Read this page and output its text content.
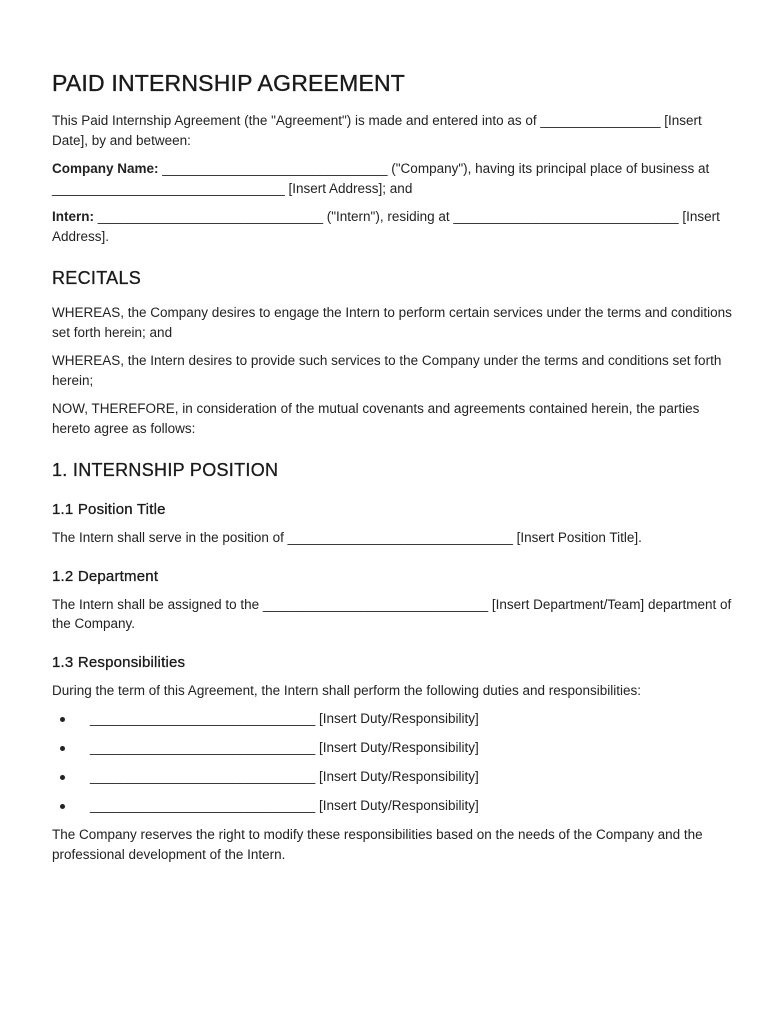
PAID INTERNSHIP AGREEMENT

This Paid Internship Agreement (the "Agreement") is made and entered into as of ________________ [Insert Date], by and between:

Company Name: ______________________________ ("Company"), having its principal place of business at _______________________________ [Insert Address]; and

Intern: ______________________________ ("Intern"), residing at ______________________________ [Insert Address].

RECITALS

WHEREAS, the Company desires to engage the Intern to perform certain services under the terms and conditions set forth herein; and

WHEREAS, the Intern desires to provide such services to the Company under the terms and conditions set forth herein;

NOW, THEREFORE, in consideration of the mutual covenants and agreements contained herein, the parties hereto agree as follows:

1. INTERNSHIP POSITION
1.1 Position Title

The Intern shall serve in the position of ______________________________ [Insert Position Title].

1.2 Department

The Intern shall be assigned to the ______________________________ [Insert Department/Team] department of the Company.

1.3 Responsibilities

During the term of this Agreement, the Intern shall perform the following duties and responsibilities:

______________________________ [Insert Duty/Responsibility]
______________________________ [Insert Duty/Responsibility]
______________________________ [Insert Duty/Responsibility]
______________________________ [Insert Duty/Responsibility]

The Company reserves the right to modify these responsibilities based on the needs of the Company and the professional development of the Intern.
